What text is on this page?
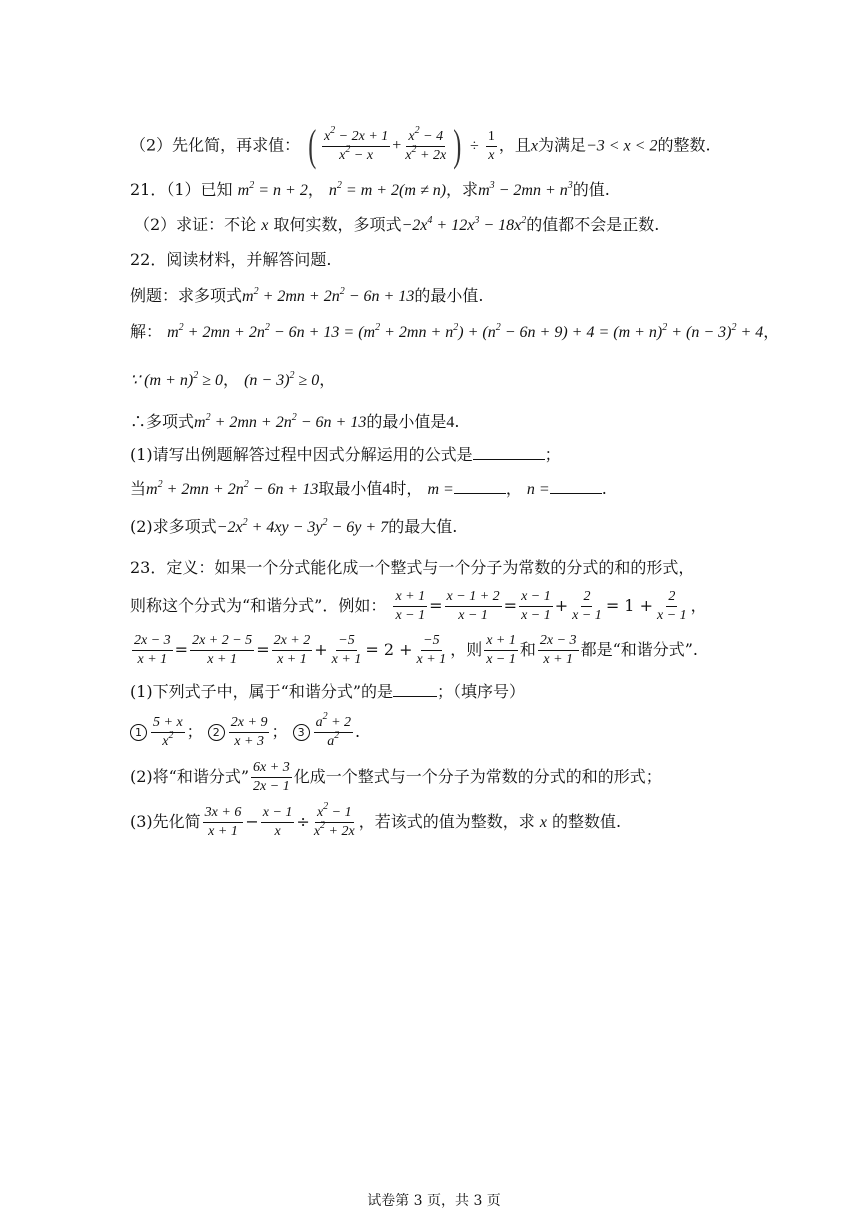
（2）先化简，再求值： ( $x^2 - 2x + 1$
$x^2 - x$
+ $\frac{x^2 - 4}{x^2 + 2x}$ ) ÷ $\frac{1}{x}$ ，且x为满足−3 < x < 2的整数.
21．（1）已知 $m^2 = n + 2$， $n^2 = m + 2(m \ne n)$，求$m^3 - 2mn + n^3$的值.
（2）求证：不论 x 取何实数，多项式$-2x^4 + 12x^3 - 18x^2$的值都不会是正数.
22．阅读材料，并解答问题.
例题：求多项式$m^2 + 2mn + 2n^2 - 6n + 13$的最小值.
解： $m^2 + 2mn + 2n^2 - 6n + 13 = (m^2 + 2mn + n^2) + (n^2 - 6n + 9) + 4 = (m + n)^2 + (n - 3)^2 + 4$，
∵ $(m + n)^2 \ge 0$， $(n - 3)^2 \ge 0$，
∴多项式$m^2 + 2mn + 2n^2 - 6n + 13$的最小值是4.
(1)请写出例题解答过程中因式分解运用的公式是	；
当$m^2 + 2mn + 2n^2 - 6n + 13$取最小值4时， m =	， n =	.
(2)求多项式$-2x^2 + 4xy - 3y^2 - 6y + 7$的最大值.
23．定义：如果一个分式能化成一个整式与一个分子为常数的分式的和的形式，
则称这个分式为“和谐分式”．例如： $\frac{x + 1}{x - 1} = \frac{x - 1 + 2}{x - 1} = \frac{x - 1}{x - 1} + \frac{2}{x - 1} = 1 + \frac{2}{x - 1}$ ，
$\frac{2x - 3}{x + 1} = \frac{2x + 2 - 5}{x + 1} = \frac{2x + 2}{x + 1} + \frac{-5}{x + 1} = 2 + \frac{-5}{x + 1}$ ，则 $\frac{x + 1}{x - 1}$ 和 $\frac{2x - 3}{x + 1}$ 都是“和谐分式”.
(1)下列式子中，属于“和谐分式”的是	；（填序号）
$1 \frac{5 + x}{x^2}$ ； $2 \frac{2x + 9}{x + 3}$ ； $3 \frac{a^2 + 2}{a^2}$ .
(2)将“和谐分式” $\frac{6x + 3}{2x - 1}$ 化成一个整式与一个分子为常数的分式的和的形式；
(3)先化简 $\frac{3x + 6}{x + 1} - \frac{x - 1}{x} \div \frac{x^2 - 1}{x^2 + 2x}$ ，若该式的值为整数，求 x 的整数值.
试卷第 3 页，共 3 页
